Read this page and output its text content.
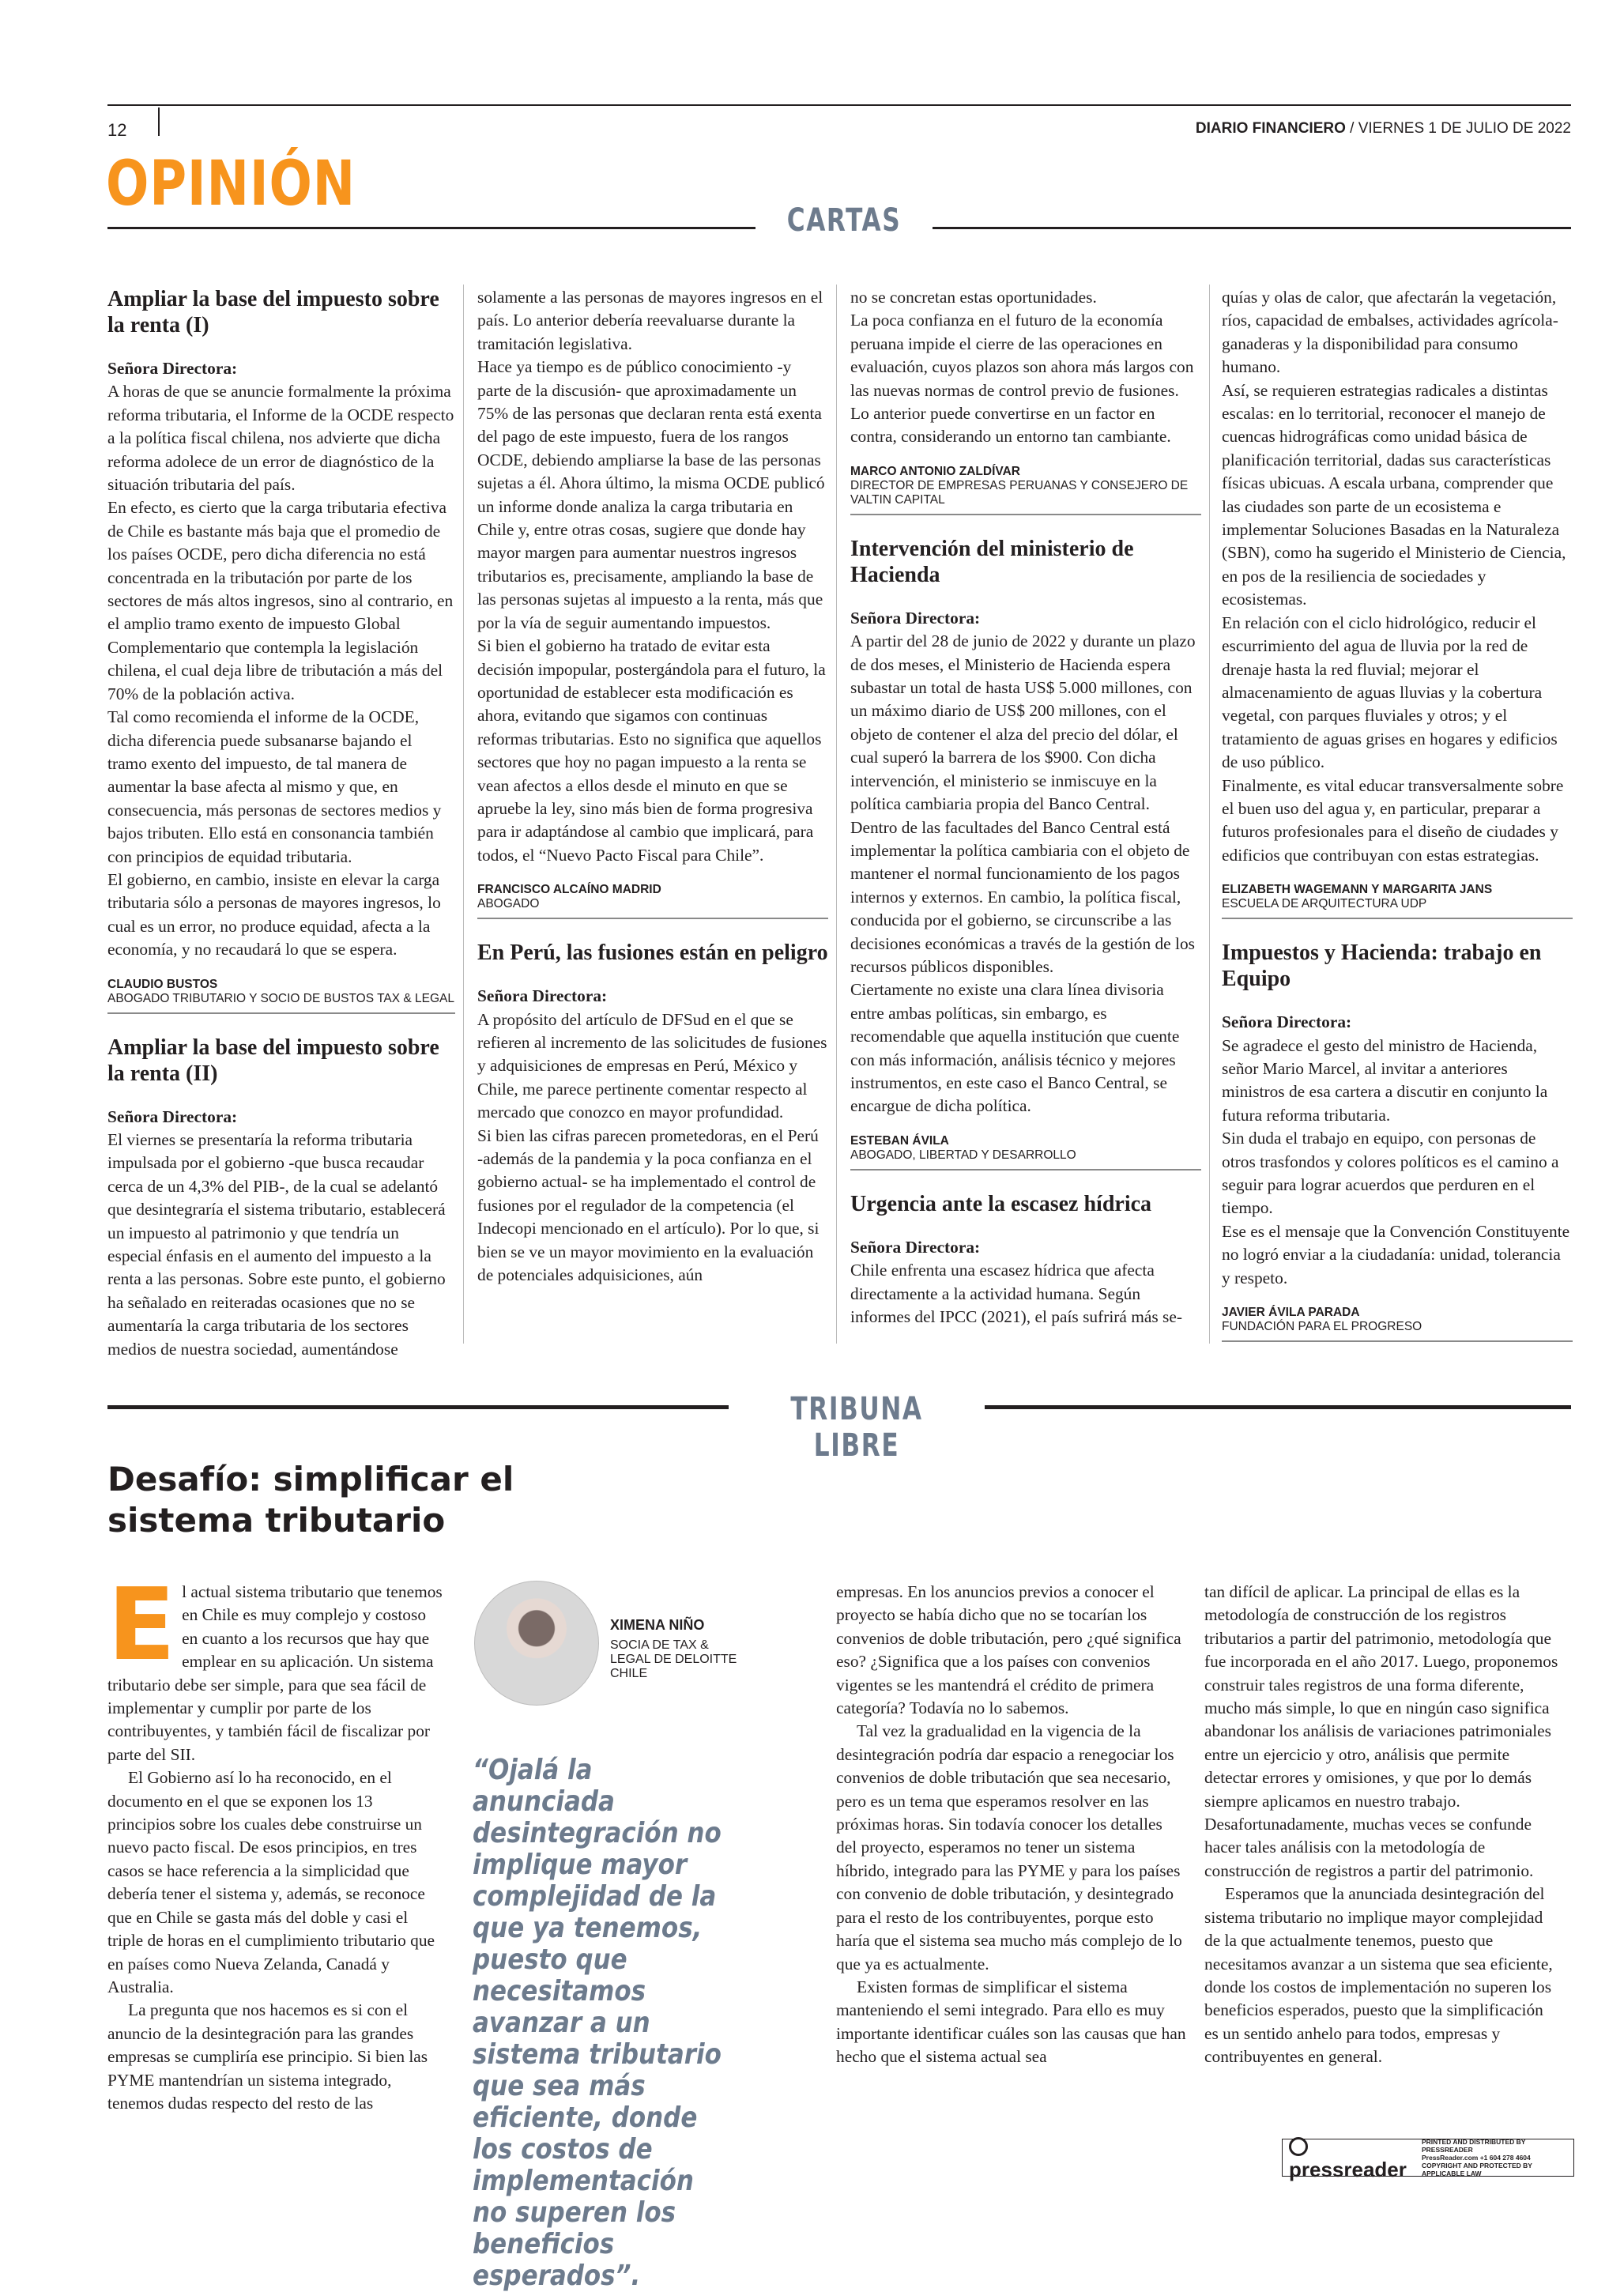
12	DIARIO FINANCIERO / VIERNES 1 DE JULIO DE 2022
OPINIÓN
CARTAS
Ampliar la base del impuesto sobre la renta (I)

Señora Directora:

A horas de que se anuncie formalmente la próxima reforma tributaria, el Informe de la OCDE respecto a la política fiscal chilena, nos advierte que dicha reforma adolece de un error de diagnóstico de la situación tributaria del país.

En efecto, es cierto que la carga tributaria efectiva de Chile es bastante más baja que el promedio de los países OCDE, pero dicha diferencia no está concentrada en la tributación por parte de los sectores de más altos ingresos, sino al contrario, en el amplio tramo exento de impuesto Global Complementario que contempla la legislación chilena, el cual deja libre de tributación a más del 70% de la población activa.

Tal como recomienda el informe de la OCDE, dicha diferencia puede subsanarse bajando el tramo exento del impuesto, de tal manera de aumentar la base afecta al mismo y que, en consecuencia, más personas de sectores medios y bajos tributen. Ello está en consonancia también con principios de equidad tributaria.

El gobierno, en cambio, insiste en elevar la carga tributaria sólo a personas de mayores ingresos, lo cual es un error, no produce equidad, afecta a la economía, y no recaudará lo que se espera.

CLAUDIO BUSTOS
ABOGADO TRIBUTARIO Y SOCIO DE BUSTOS TAX & LEGAL
Ampliar la base del impuesto sobre la renta (II)

Señora Directora:

El viernes se presentaría la reforma tributaria impulsada por el gobierno -que busca recaudar cerca de un 4,3% del PIB-, de la cual se adelantó que desintegraría el sistema tributario, establecerá un impuesto al patrimonio y que tendría un especial énfasis en el aumento del impuesto a la renta a las personas. Sobre este punto, el gobierno ha señalado en reiteradas ocasiones que no se aumentaría la carga tributaria de los sectores medios de nuestra sociedad, aumentándose

solamente a las personas de mayores ingresos en el país. Lo anterior debería reevaluarse durante la tramitación legislativa.

Hace ya tiempo es de público conocimiento -y parte de la discusión- que aproximadamente un 75% de las personas que declaran renta está exenta del pago de este impuesto, fuera de los rangos OCDE, debiendo ampliarse la base de las personas sujetas a él. Ahora último, la misma OCDE publicó un informe donde analiza la carga tributaria en Chile y, entre otras cosas, sugiere que donde hay mayor margen para aumentar nuestros ingresos tributarios es, precisamente, ampliando la base de las personas sujetas al impuesto a la renta, más que por la vía de seguir aumentando impuestos.

Si bien el gobierno ha tratado de evitar esta decisión impopular, postergándola para el futuro, la oportunidad de establecer esta modificación es ahora, evitando que sigamos con continuas reformas tributarias. Esto no significa que aquellos sectores que hoy no pagan impuesto a la renta se vean afectos a ellos desde el minuto en que se apruebe la ley, sino más bien de forma progresiva para ir adaptándose al cambio que implicará, para todos, el “Nuevo Pacto Fiscal para Chile”.

FRANCISCO ALCAÍNO MADRID
ABOGADO
En Perú, las fusiones están en peligro

Señora Directora:

A propósito del artículo de DFSud en el que se refieren al incremento de las solicitudes de fusiones y adquisiciones de empresas en Perú, México y Chile, me parece pertinente comentar respecto al mercado que conozco en mayor profundidad.

Si bien las cifras parecen prometedoras, en el Perú -además de la pandemia y la poca confianza en el gobierno actual- se ha implementado el control de fusiones por el regulador de la competencia (el Indecopi mencionado en el artículo). Por lo que, si bien se ve un mayor movimiento en la evaluación de potenciales adquisiciones, aún

no se concretan estas oportunidades.

La poca confianza en el futuro de la economía peruana impide el cierre de las operaciones en evaluación, cuyos plazos son ahora más largos con las nuevas normas de control previo de fusiones. Lo anterior puede convertirse en un factor en contra, considerando un entorno tan cambiante.

MARCO ANTONIO ZALDÍVAR
DIRECTOR DE EMPRESAS PERUANAS Y CONSEJERO DE VALTIN CAPITAL
Intervención del ministerio de Hacienda

Señora Directora:

A partir del 28 de junio de 2022 y durante un plazo de dos meses, el Ministerio de Hacienda espera subastar un total de hasta US$ 5.000 millones, con un máximo diario de US$ 200 millones, con el objeto de contener el alza del precio del dólar, el cual superó la barrera de los $900. Con dicha intervención, el ministerio se inmiscuye en la política cambiaria propia del Banco Central.

Dentro de las facultades del Banco Central está implementar la política cambiaria con el objeto de mantener el normal funcionamiento de los pagos internos y externos. En cambio, la política fiscal, conducida por el gobierno, se circunscribe a las decisiones económicas a través de la gestión de los recursos públicos disponibles.

Ciertamente no existe una clara línea divisoria entre ambas políticas, sin embargo, es recomendable que aquella institución que cuente con más información, análisis técnico y mejores instrumentos, en este caso el Banco Central, se encargue de dicha política.

ESTEBAN ÁVILA
ABOGADO, LIBERTAD Y DESARROLLO
Urgencia ante la escasez hídrica

Señora Directora:

Chile enfrenta una escasez hídrica que afecta directamente a la actividad humana. Según informes del IPCC (2021), el país sufrirá más se-

quías y olas de calor, que afectarán la vegetación, ríos, capacidad de embalses, actividades agrícola-ganaderas y la disponibilidad para consumo humano.

Así, se requieren estrategias radicales a distintas escalas: en lo territorial, reconocer el manejo de cuencas hidrográficas como unidad básica de planificación territorial, dadas sus características físicas ubicuas. A escala urbana, comprender que las ciudades son parte de un ecosistema e implementar Soluciones Basadas en la Naturaleza (SBN), como ha sugerido el Ministerio de Ciencia, en pos de la resiliencia de sociedades y ecosistemas.

En relación con el ciclo hidrológico, reducir el escurrimiento del agua de lluvia por la red de drenaje hasta la red fluvial; mejorar el almacenamiento de aguas lluvias y la cobertura vegetal, con parques fluviales y otros; y el tratamiento de aguas grises en hogares y edificios de uso público.

Finalmente, es vital educar transversalmente sobre el buen uso del agua y, en particular, preparar a futuros profesionales para el diseño de ciudades y edificios que contribuyan con estas estrategias.

ELIZABETH WAGEMANN Y MARGARITA JANS
ESCUELA DE ARQUITECTURA UDP
Impuestos y Hacienda: trabajo en Equipo

Señora Directora:

Se agradece el gesto del ministro de Hacienda, señor Mario Marcel, al invitar a anteriores ministros de esa cartera a discutir en conjunto la futura reforma tributaria.

Sin duda el trabajo en equipo, con personas de otros trasfondos y colores políticos es el camino a seguir para lograr acuerdos que perduren en el tiempo.

Ese es el mensaje que la Convención Constituyente no logró enviar a la ciudadanía: unidad, tolerancia y respeto.

JAVIER ÁVILA PARADA
FUNDACIÓN PARA EL PROGRESO
TRIBUNA LIBRE
Desafío: simplificar el sistema tributario

El actual sistema tributario que tenemos en Chile es muy complejo y costoso en cuanto a los recursos que hay que emplear en su aplicación. Un sistema tributario debe ser simple, para que sea fácil de implementar y cumplir por parte de los contribuyentes, y también fácil de fiscalizar por parte del SII.

El Gobierno así lo ha reconocido, en el documento en el que se exponen los 13 principios sobre los cuales debe construirse un nuevo pacto fiscal. De esos principios, en tres casos se hace referencia a la simplicidad que debería tener el sistema y, además, se reconoce que en Chile se gasta más del doble y casi el triple de horas en el cumplimiento tributario que en países como Nueva Zelanda, Canadá y Australia.

La pregunta que nos hacemos es si con el anuncio de la desintegración para las grandes empresas se cumpliría ese principio. Si bien las PYME mantendrían un sistema integrado, tenemos dudas respecto del resto de las

XIMENA NIÑO
SOCIA DE TAX & LEGAL DE DELOITTE CHILE
“Ojalá la anunciada desintegración no implique mayor complejidad de la que ya tenemos, puesto que necesitamos avanzar a un sistema tributario que sea más eficiente, donde los costos de implementación no superen los beneficios esperados”.

empresas. En los anuncios previos a conocer el proyecto se había dicho que no se tocarían los convenios de doble tributación, pero ¿qué significa eso? ¿Significa que a los países con convenios vigentes se les mantendrá el crédito de primera categoría? Todavía no lo sabemos.

Tal vez la gradualidad en la vigencia de la desintegración podría dar espacio a renegociar los convenios de doble tributación que sea necesario, pero es un tema que esperamos resolver en las próximas horas. Sin todavía conocer los detalles del proyecto, esperamos no tener un sistema híbrido, integrado para las PYME y para los países con convenio de doble tributación, y desintegrado para el resto de los contribuyentes, porque esto haría que el sistema sea mucho más complejo de lo que ya es actualmente.

Existen formas de simplificar el sistema manteniendo el semi integrado. Para ello es muy importante identificar cuáles son las causas que han hecho que el sistema actual sea

tan difícil de aplicar. La principal de ellas es la metodología de construcción de los registros tributarios a partir del patrimonio, metodología que fue incorporada en el año 2017. Luego, proponemos construir tales registros de una forma diferente, mucho más simple, lo que en ningún caso significa abandonar los análisis de variaciones patrimoniales entre un ejercicio y otro, análisis que permite detectar errores y omisiones, y que por lo demás siempre aplicamos en nuestro trabajo. Desafortunadamente, muchas veces se confunde hacer tales análisis con la metodología de construcción de registros a partir del patrimonio.

Esperamos que la anunciada desintegración del sistema tributario no implique mayor complejidad de la que actualmente tenemos, puesto que necesitamos avanzar a un sistema que sea eficiente, donde los costos de implementación no superen los beneficios esperados, puesto que la simplificación es un sentido anhelo para todos, empresas y contribuyentes en general.

pressreader
PRINTED AND DISTRIBUTED BY PRESSREADER
PressReader.com +1 604 278 4604
COPYRIGHT AND PROTECTED BY APPLICABLE LAW
